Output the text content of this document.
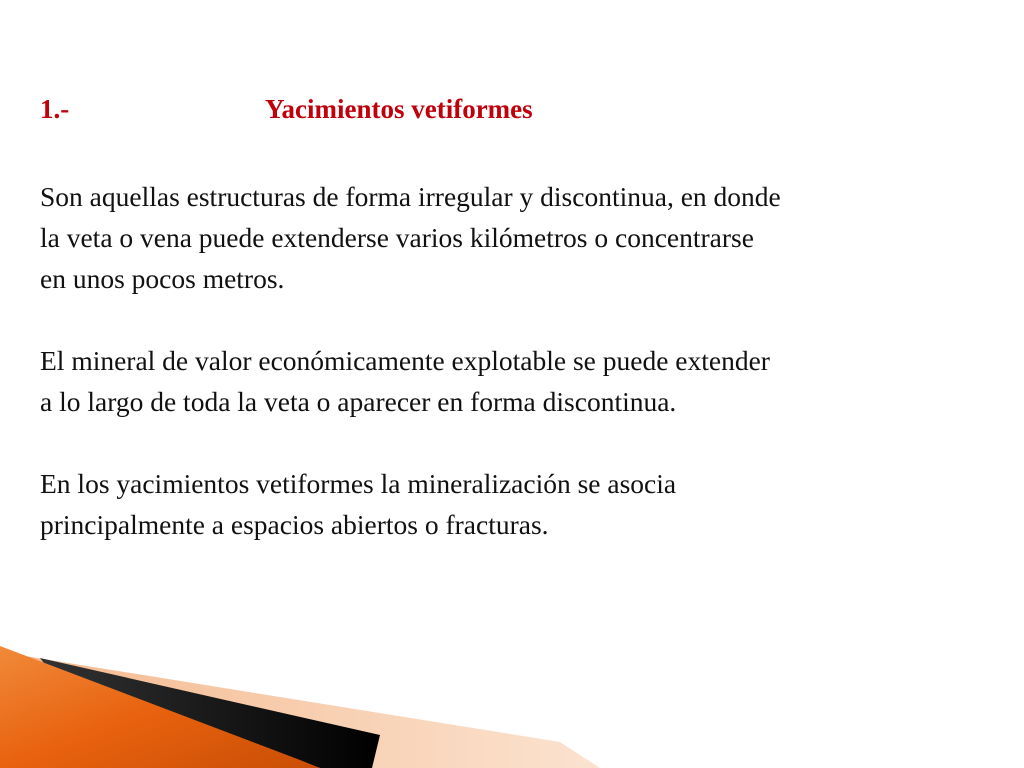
1.-	Yacimientos vetiformes

Son aquellas estructuras de forma irregular y discontinua, en donde

la veta o vena puede extenderse varios kilómetros o concentrarse

en unos pocos metros.

El mineral de valor económicamente explotable se puede extender

a lo largo de toda la veta o aparecer en forma discontinua.

En los yacimientos vetiformes la mineralización se asocia

principalmente a espacios abiertos o fracturas.
